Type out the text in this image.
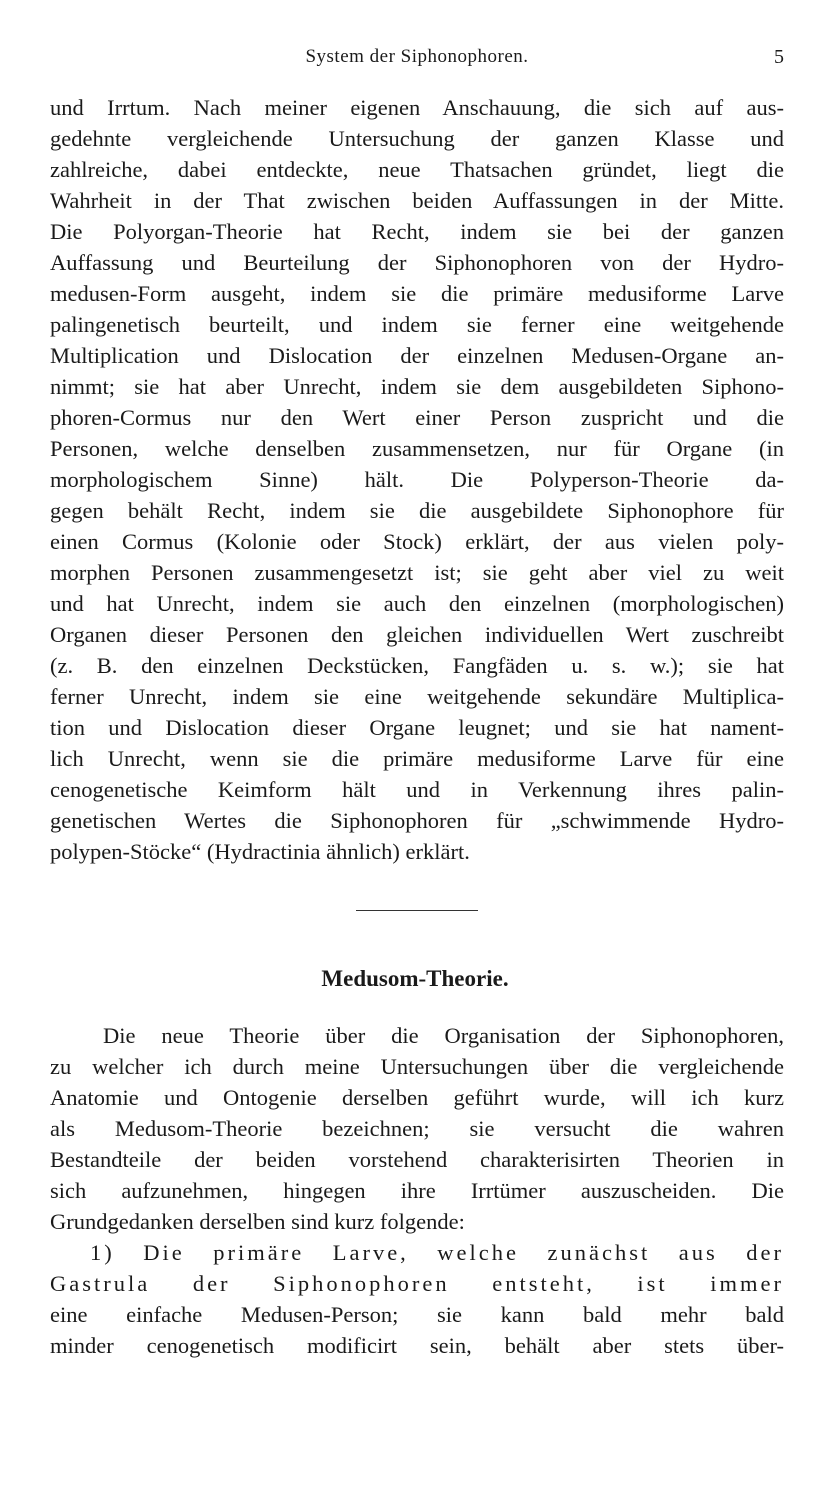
System der Siphonophoren.	5
und Irrtum. Nach meiner eigenen Anschauung, die sich auf aus-
gedehnte vergleichende Untersuchung der ganzen Klasse und
zahlreiche, dabei entdeckte, neue Thatsachen gründet, liegt die
Wahrheit in der That zwischen beiden Auffassungen in der Mitte.
Die Polyorgan-Theorie hat Recht, indem sie bei der ganzen
Auffassung und Beurteilung der Siphonophoren von der Hydro-
medusen-Form ausgeht, indem sie die primäre medusiforme Larve
palingenetisch beurteilt, und indem sie ferner eine weitgehende
Multiplication und Dislocation der einzelnen Medusen-Organe an-
nimmt; sie hat aber Unrecht, indem sie dem ausgebildeten Siphono-
phoren-Cormus nur den Wert einer Person zuspricht und die
Personen, welche denselben zusammensetzen, nur für Organe (in
morphologischem Sinne) hält. Die Polyperson-Theorie da-
gegen behält Recht, indem sie die ausgebildete Siphonophore für
einen Cormus (Kolonie oder Stock) erklärt, der aus vielen poly-
morphen Personen zusammengesetzt ist; sie geht aber viel zu weit
und hat Unrecht, indem sie auch den einzelnen (morphologischen)
Organen dieser Personen den gleichen individuellen Wert zuschreibt
(z. B. den einzelnen Deckstücken, Fangfäden u. s. w.); sie hat
ferner Unrecht, indem sie eine weitgehende sekundäre Multiplica-
tion und Dislocation dieser Organe leugnet; und sie hat nament-
lich Unrecht, wenn sie die primäre medusiforme Larve für eine
cenogenetische Keimform hält und in Verkennung ihres palin-
genetischen Wertes die Siphonophoren für „schwimmende Hydro-
polypen-Stöcke“ (Hydractinia ähnlich) erklärt.
Medusom-Theorie.
Die neue Theorie über die Organisation der Siphonophoren,
zu welcher ich durch meine Untersuchungen über die vergleichende
Anatomie und Ontogenie derselben geführt wurde, will ich kurz
als Medusom-Theorie bezeichnen; sie versucht die wahren
Bestandteile der beiden vorstehend charakterisirten Theorien in
sich aufzunehmen, hingegen ihre Irrtümer auszuscheiden. Die
Grundgedanken derselben sind kurz folgende:
1) Die primäre Larve, welche zunächst aus der
Gastrula der Siphonophoren entsteht, ist immer
eine einfache Medusen-Person; sie kann bald mehr bald
minder cenogenetisch modificirt sein, behält aber stets über-
